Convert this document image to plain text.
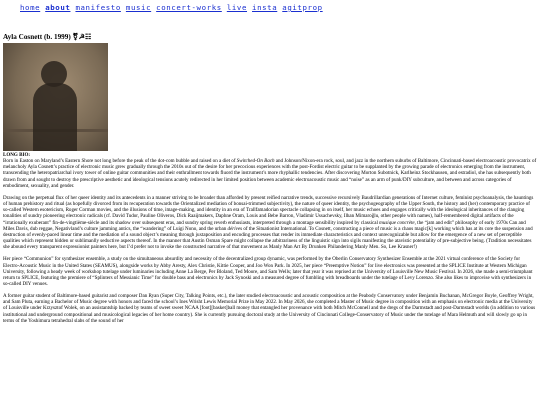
home about manifesto music concert-works live insta agitprop
Ayla Cosnett (b. 1999) ⚧☭☷

LONG BIO:
Born in Easton on Maryland’s Eastern Shore not long before the peak of the dot-com bubble and raised on a diet of Switched-On Bach and Johnson/Nixon-era rock, soul, and jazz in the northern suburbs of Baltimore, Cincinnati-based electroacoustic provocatrix of melancholy Ayla Cosnett’s practice of electronic music grew gradually through the 2010s out of the desire for her precocious experiences with the post-Fordist electric guitar to be supplanted by the growing parade of electronics emerging from the instrument, transcending the heteropatriarchal ivory tower of online guitar communities and their enthrallment towards fluord the instrument’s more rhyphallic tendencies. After discovering Morton Subotnick, Karlheinz Stockhausen, and estradiol, she has subsequently both drawn from and sought to destroy the prescriptive aesthetic and ideological tensions acutely redirected in her limited position between academic electroacoustic music and “noise” as an arm of punk/DIY subculture, and between and across categories of embodiment, sexuality, and gender.

Drawing on the perpetual flux of her queer identity and its antecedents in a manner striving to be broader than afforded by present reified narrative trends, successive recursively Baudrillardian generations of Internet culture, feminist psychoanalysis, the hauntings of human prehistory and ritual (as hopefully divorced from its recuperation towards the Orientalized mediation of bonsai-trimmed subjectivity), the nature of queer identity, the psychogeography of the Upper South, the history and (her) contemporary practice of so-called Western esotericism, Roger Corman movies, and the illusions of time, image-making, and identity in an era of Trallfamadorian spectacle collapsing in on itself, her music echoes and engages critically with the ideological inheritances of the clanging tonalities of sundry pioneering electronic radicals (cf. David Tudor, Pauline Oliveros, Dick Raaijmakers, Daphne Oram, Louis and Bebe Barron, Vladimir Ussachevsky, Ilhan Mimaroğlu, other people with names), half-remembered digital artifacts of the “irrationally exuberant” fin-de-vingtième-siècle and its shadow over subsequent eras, and sundry spring reverb enthusiasts, interpreted through a montage sensibility inspired by classical musique concrète, the “jam and edit” philosophy of early 1970s Can and Miles Davis, dub reggae, Negativland’s culture jamming antics, the “wandering” of Luigi Nono, and the urban dérives of the Situationist International. To Cosnett, constructing a piece of music is a chaos magic[k] working which has at its core the suspension and destruction of evenly-paced linear time and the mediation of a sound object’s meaning through juxtaposition and encoding processes that render its immediate characteristics and context unrecognizable but allow for the emergence of a new set of perceptible qualities which represent hidden or sublimanlly seductive aspects thereof. In the manner that Austin Osman Spare might collapse the arbitrariness of the linguistic sign into sigils manifesting the atavistic potentiality of pre-subjective being. (Tradition necessitates she abound every transparent expressionist painters here, but I’d prefer not to invoke the constructed narrative of that movement as Manly Man Art By Drunken Philandering Manly Men. So, Lee Krasner!)

Her piece “Communion” for synthesizer ensemble, a study on the simultaneous absurdity and necessity of the decentralized group dynamic, was performed by the Oberlin Conservatory Synthesizer Ensemble at the 2021 virtual conference of the Society for Electro-Acoustic Music in the United States (SEAMUS), alongside works by Abby Aresty, Alex Christie, Kittie Cooper, and Joo Won Park. In 2025, her piece “Preemptive Notion” for live electronics was presented at the SPLICE Institute at Western Michigan University, following a heady week of workshop tutelage under luminaries including Anne La Berge, Per Bloland, Ted Moore, and Sam Wells; later that year it was reprised at the University of Louisville New Music Festival. In 2026, she made a semi-triumphant return to SPLICE, featuring the premiere of “Splinters of Messianic Time” for double bass and electronics by Jack Synoski and a measured degree of fumbling with breadboards under the tutelage of Levy Lorenzo. She also likes to improvise with synthesizers in so-called DIY venues.

A former guitar student of Baltimore-based guitarist and composer Dan Ryan (Super City, Talking Points, etc.), the later studied electroacoustic and acoustic composition at the Peabody Conservatory under Benjamin Buchanan, McGregor Boyle, Geoffrey Wright, and Sam Pluta, earning a Bachelor of Music degree with honors and faced the school’s Ines Wrisht Lewis Memorial Prize in May 2022. In May 2026, she completed a Master of Music degree in composition with an emphasis on electronic media at the University of Louisville under Krzysztof Wolek, on an assistantship backed by teams of sweet sweet NCAA [foot][basket]ball money that entangled her provenance with both Mitch McConnell and the dregs of the Darmstadt and post-Darmstadt worlds (in addition to various institutional and underground compositional and musicological legacies of her home country). She is currently pursuing doctoral study at the University of Cincinnati College-Conservatory of Music under the tutelage of Mara Helmuth and will slowly go up in terms of the Yoshimura tetrahedral slabs of the sound of her
